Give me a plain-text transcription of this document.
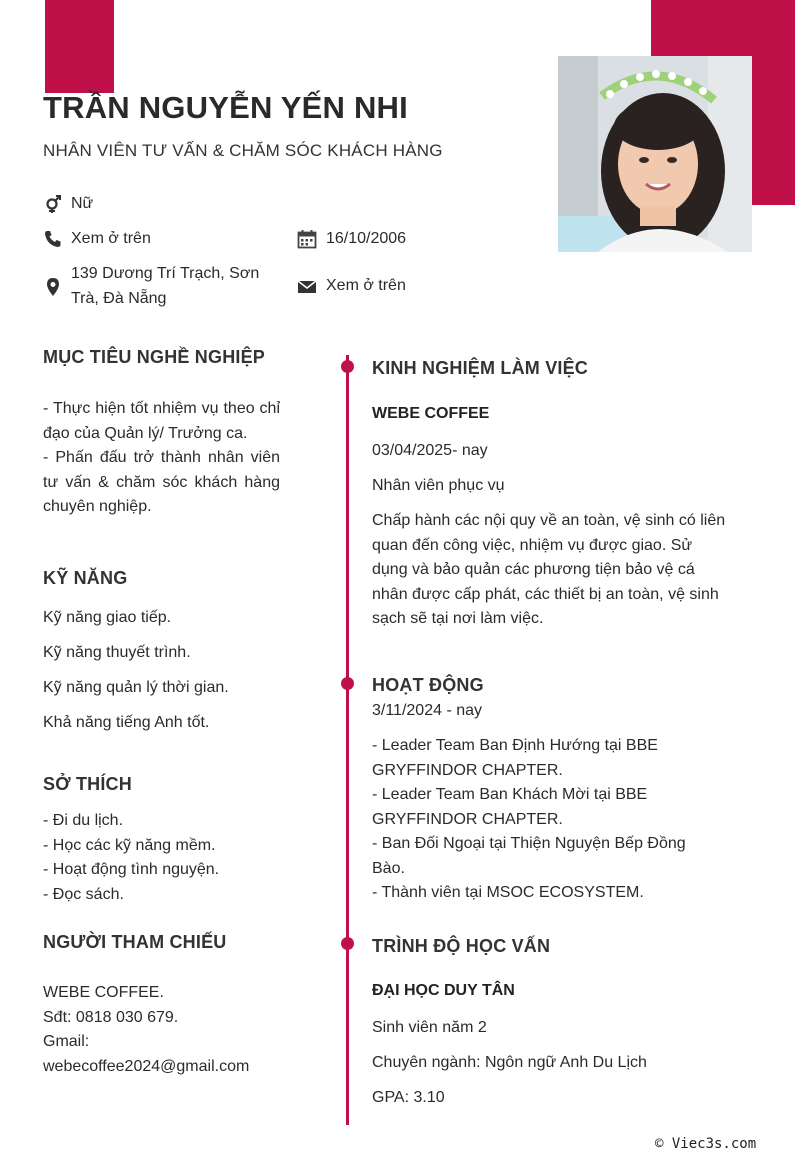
TRẦN NGUYỄN YẾN NHI
NHÂN VIÊN TƯ VẤN & CHĂM SÓC KHÁCH HÀNG
Nữ
Xem ở trên	16/10/2006
139 Dương Trí Trạch, Sơn Trà, Đà Nẵng
Xem ở trên
MỤC TIÊU NGHỀ NGHIỆP
- Thực hiện tốt nhiệm vụ theo chỉ đạo của Quản lý/ Trưởng ca.
- Phấn đấu trở thành nhân viên tư vấn & chăm sóc khách hàng chuyên nghiệp.
KỸ NĂNG
Kỹ năng giao tiếp.
Kỹ năng thuyết trình.
Kỹ năng quản lý thời gian.
Khả năng tiếng Anh tốt.
SỞ THÍCH
- Đi du lịch.
- Học các kỹ năng mềm.
- Hoạt động tình nguyện.
- Đọc sách.
NGƯỜI THAM CHIẾU
WEBE COFFEE.
Sđt: 0818 030 679.
Gmail:
webecoffee2024@gmail.com
KINH NGHIỆM LÀM VIỆC
WEBE COFFEE
03/04/2025- nay
Nhân viên phục vụ
Chấp hành các nội quy về an toàn, vệ sinh có liên quan đến công việc, nhiệm vụ được giao. Sử dụng và bảo quản các phương tiện bảo vệ cá nhân được cấp phát, các thiết bị an toàn, vệ sinh sạch sẽ tại nơi làm việc.
HOẠT ĐỘNG
3/11/2024 - nay
- Leader Team Ban Định Hướng tại BBE GRYFFINDOR CHAPTER.
- Leader Team Ban Khách Mời tại BBE GRYFFINDOR CHAPTER.
- Ban Đối Ngoại tại Thiện Nguyện Bếp Đồng Bào.
- Thành viên tại MSOC ECOSYSTEM.
TRÌNH ĐỘ HỌC VẤN
ĐẠI HỌC DUY TÂN
Sinh viên năm 2
Chuyên ngành: Ngôn ngữ Anh Du Lịch
GPA: 3.10
© Viec3s.com
